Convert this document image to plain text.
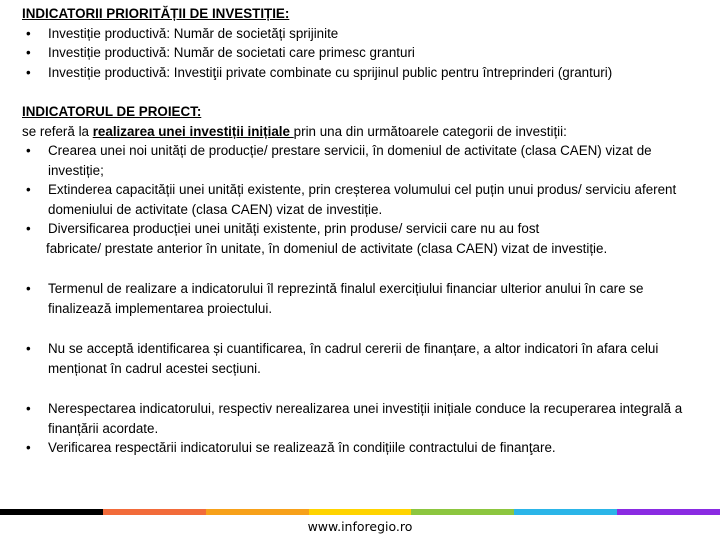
INDICATORII PRIORITĂȚII DE INVESTIȚIE:
• Investiție productivă: Număr de societăți sprijinite
• Investiție productivă: Număr de societati care primesc granturi
• Investiție productivă: Investiţii private combinate cu sprijinul public pentru întreprinderi (granturi)
INDICATORUL DE PROIECT:
se referă la realizarea unei investiții inițiale prin una din următoarele categorii de investiții:
• Crearea unei noi unități de producție/ prestare servicii, în domeniul de activitate (clasa CAEN) vizat de investiție;
• Extinderea capacității unei unități existente, prin creșterea volumului cel puțin unui produs/ serviciu aferent domeniului de activitate (clasa CAEN) vizat de investiție.
• Diversificarea producției unei unități existente, prin produse/ servicii care nu au fost
fabricate/ prestate anterior în unitate, în domeniul de activitate (clasa CAEN) vizat de investiție.
• Termenul de realizare a indicatorului îl reprezintă finalul exercițiului financiar ulterior anului în care se finalizează implementarea proiectului.
• Nu se acceptă identificarea și cuantificarea, în cadrul cererii de finanțare, a altor indicatori în afara celui menționat în cadrul acestei secțiuni.
• Nerespectarea indicatorului, respectiv nerealizarea unei investiții inițiale conduce la recuperarea integrală a finanțării acordate.
• Verificarea respectării indicatorului se realizează în condițiile contractului de finanţare.
www.inforegio.ro
